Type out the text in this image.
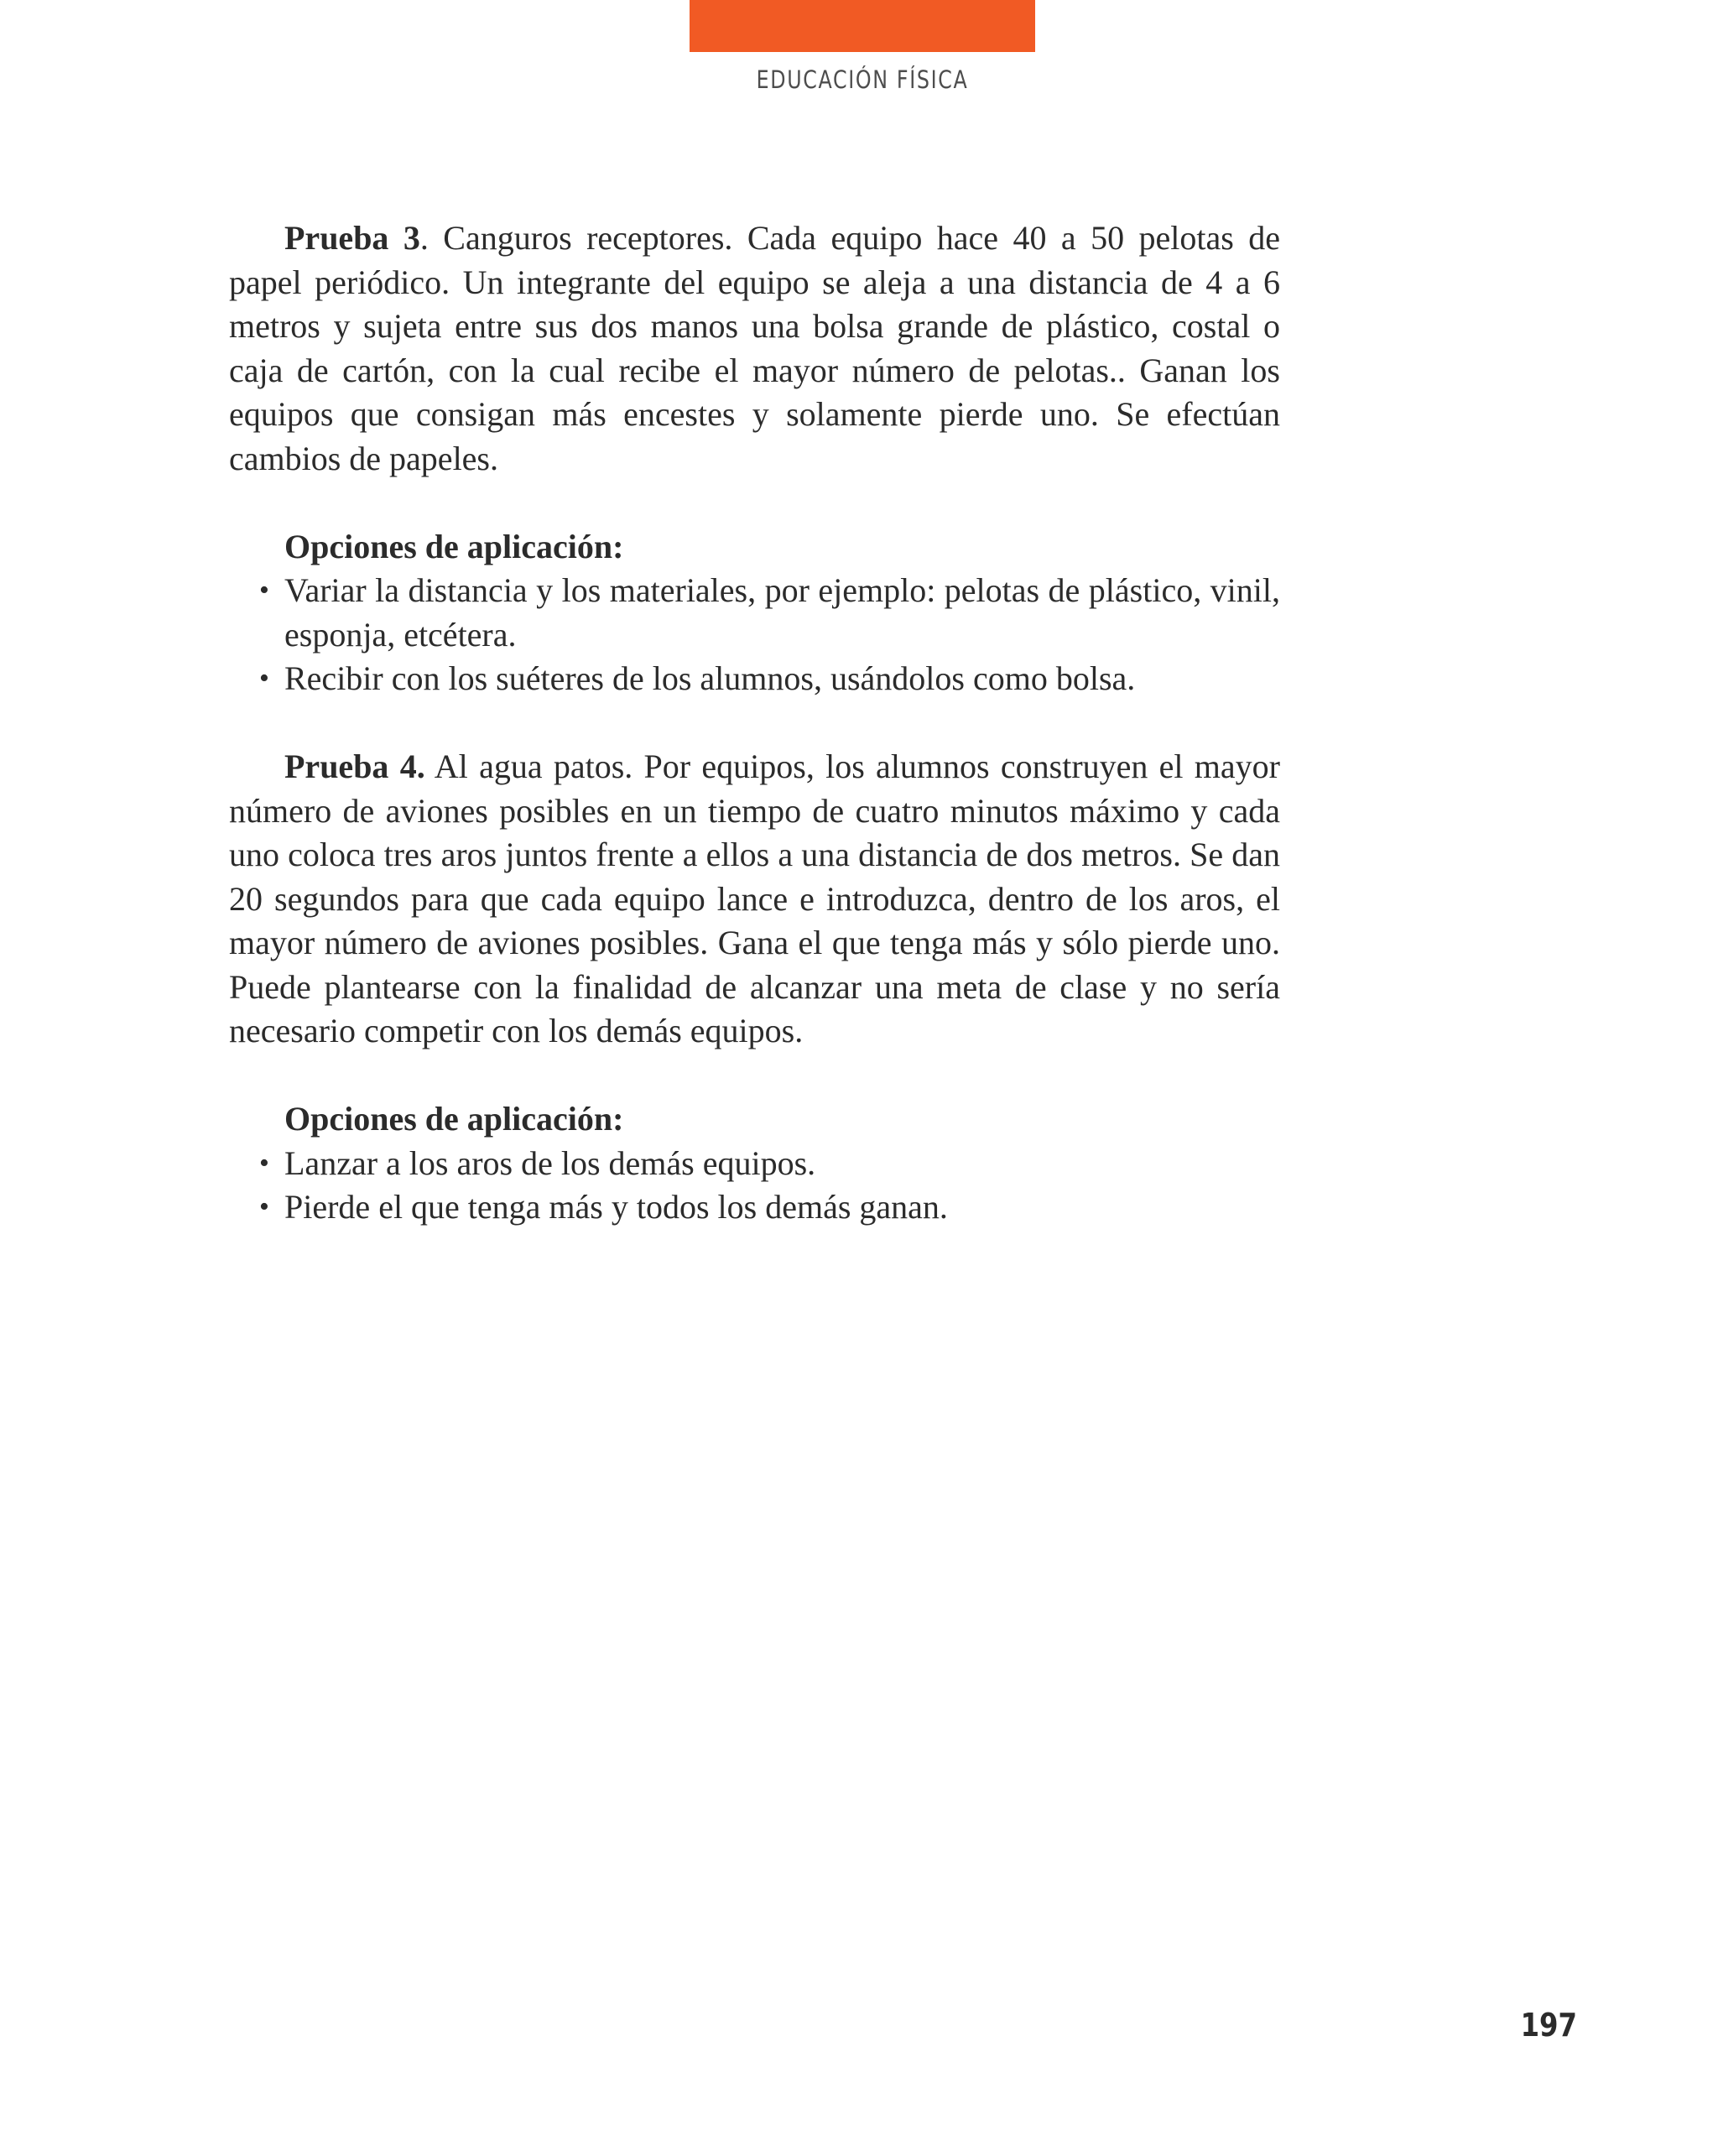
EDUCACIÓN FÍSICA

Prueba 3. Canguros receptores. Cada equipo hace 40 a 50 pelotas de papel periódico. Un integrante del equipo se aleja a una distancia de 4 a 6 metros y sujeta entre sus dos manos una bolsa grande de plástico, costal o caja de cartón, con la cual recibe el mayor número de pelotas.. Ganan los equipos que consigan más encestes y solamente pierde uno. Se efectúan cambios de papeles.

Opciones de aplicación:

• Variar la distancia y los materiales, por ejemplo: pelotas de plástico, vinil, esponja, etcétera.
• Recibir con los suéteres de los alumnos, usándolos como bolsa.

Prueba 4. Al agua patos. Por equipos, los alumnos construyen el mayor número de aviones posibles en un tiempo de cuatro minutos máximo y cada uno coloca tres aros juntos frente a ellos a una distancia de dos metros. Se dan 20 segundos para que cada equipo lance e introduzca, dentro de los aros, el mayor número de aviones posibles. Gana el que tenga más y sólo pierde uno. Puede plantearse con la finalidad de alcanzar una meta de clase y no sería necesario competir con los demás equipos.

Opciones de aplicación:

• Lanzar a los aros de los demás equipos.
• Pierde el que tenga más y todos los demás ganan.
197
